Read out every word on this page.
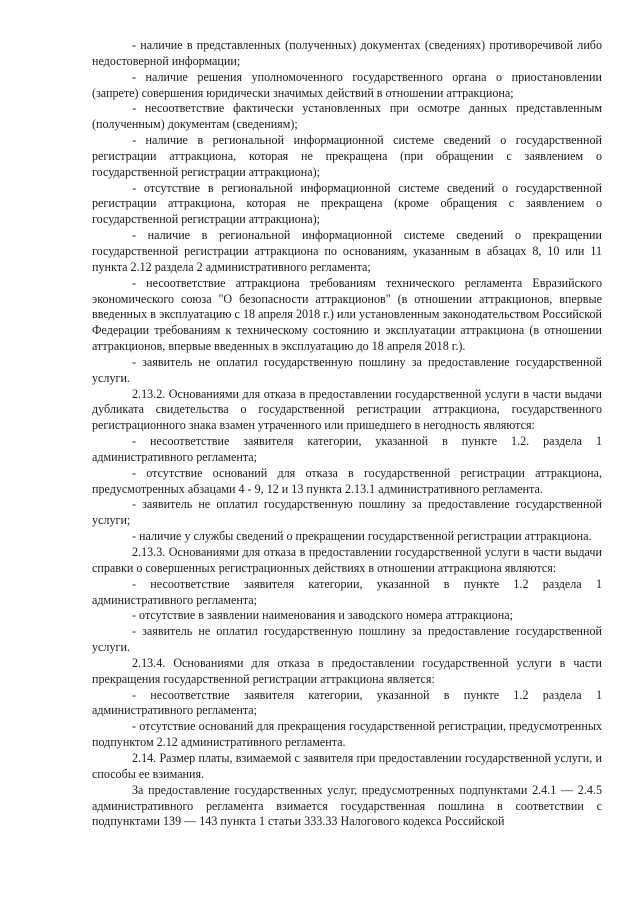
- наличие в представленных (полученных) документах (сведениях) противоречивой либо недостоверной информации;

- наличие решения уполномоченного государственного органа о приостановлении (запрете) совершения юридически значимых действий в отношении аттракциона;

- несоответствие фактически установленных при осмотре данных представленным (полученным) документам (сведениям);

- наличие в региональной информационной системе сведений о государственной регистрации аттракциона, которая не прекращена (при обращении с заявлением о государственной регистрации аттракциона);

- отсутствие в региональной информационной системе сведений о государственной регистрации аттракциона, которая не прекращена (кроме обращения с заявлением о государственной регистрации аттракциона);

- наличие в региональной информационной системе сведений о прекращении государственной регистрации аттракциона по основаниям, указанным в абзацах 8, 10 или 11 пункта 2.12 раздела 2 административного регламента;

- несоответствие аттракциона требованиям технического регламента Евразийского экономического союза "О безопасности аттракционов" (в отношении аттракционов, впервые введенных в эксплуатацию с 18 апреля 2018 г.) или установленным законодательством Российской Федерации требованиям к техническому состоянию и эксплуатации аттракциона (в отношении аттракционов, впервые введенных в эксплуатацию до 18 апреля 2018 г.).

- заявитель не оплатил государственную пошлину за предоставление государственной услуги.

2.13.2. Основаниями для отказа в предоставлении государственной услуги в части выдачи дубликата свидетельства о государственной регистрации аттракциона, государственного регистрационного знака взамен утраченного или пришедшего в негодность являются:

- несоответствие заявителя категории, указанной в пункте 1.2. раздела 1 административного регламента;

- отсутствие оснований для отказа в государственной регистрации аттракциона, предусмотренных абзацами 4 - 9, 12 и 13 пункта 2.13.1 административного регламента.

- заявитель не оплатил государственную пошлину за предоставление государственной услуги;

- наличие у службы сведений о прекращении государственной регистрации аттракциона.

2.13.3. Основаниями для отказа в предоставлении государственной услуги в части выдачи справки о совершенных регистрационных действиях в отношении аттракциона являются:

- несоответствие заявителя категории, указанной в пункте 1.2 раздела 1 административного регламента;

- отсутствие в заявлении наименования и заводского номера аттракциона;

- заявитель не оплатил государственную пошлину за предоставление государственной услуги.

2.13.4. Основаниями для отказа в предоставлении государственной услуги в части прекращения государственной регистрации аттракциона является:

- несоответствие заявителя категории, указанной в пункте 1.2 раздела 1 административного регламента;

- отсутствие оснований для прекращения государственной регистрации, предусмотренных подпунктом 2.12 административного регламента.

2.14. Размер платы, взимаемой с заявителя при предоставлении государственной услуги, и способы ее взимания.

За предоставление государственных услуг, предусмотренных подпунктами 2.4.1 — 2.4.5 административного регламента взимается государственная пошлина в соответствии с подпунктами 139 — 143 пункта 1 статьи 333.33 Налогового кодекса Российской
